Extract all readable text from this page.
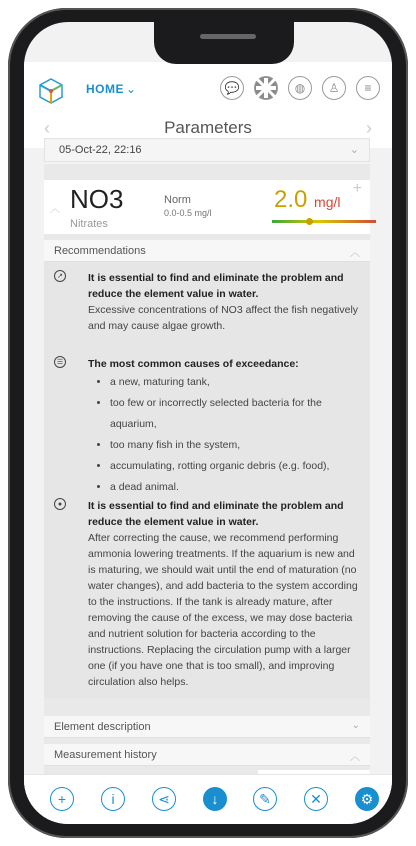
HOME ⌄	💬	◍	♙	≡
‹	Parameters	›
05-Oct-22, 22:16	⌄
︿ NO3
Nitrates
Norm
0.0-0.5 mg/l	2.0 mg/l
+
Recommendations	︿
↗ It is essential to find and eliminate the problem and reduce the element value in water.
Excessive concentrations of NO3 affect the fish negatively and may cause algae growth.
☰ The most common causes of exceedance:
• a new, maturing tank,
• too few or incorrectly selected bacteria for the aquarium,
• too many fish in the system,
• accumulating, rotting organic debris (e.g. food),
• a dead animal.
●	It is essential to find and eliminate the problem and reduce the element value in water.
After correcting the cause, we recommend performing ammonia lowering treatments. If the aquarium is new and is maturing, we should wait until the end of maturation (no water changes), and add bacteria to the system according to the instructions. If the tank is already mature, after removing the cause of the excess, we may dose bacteria and nutrient solution for bacteria according to the instructions. Replacing the circulation pump with a larger one (if you have one that is too small), and improving circulation also helps.
Element description	⌄
Measurement history	︿
+	i	⋖	↓	✎	✕	⚙
